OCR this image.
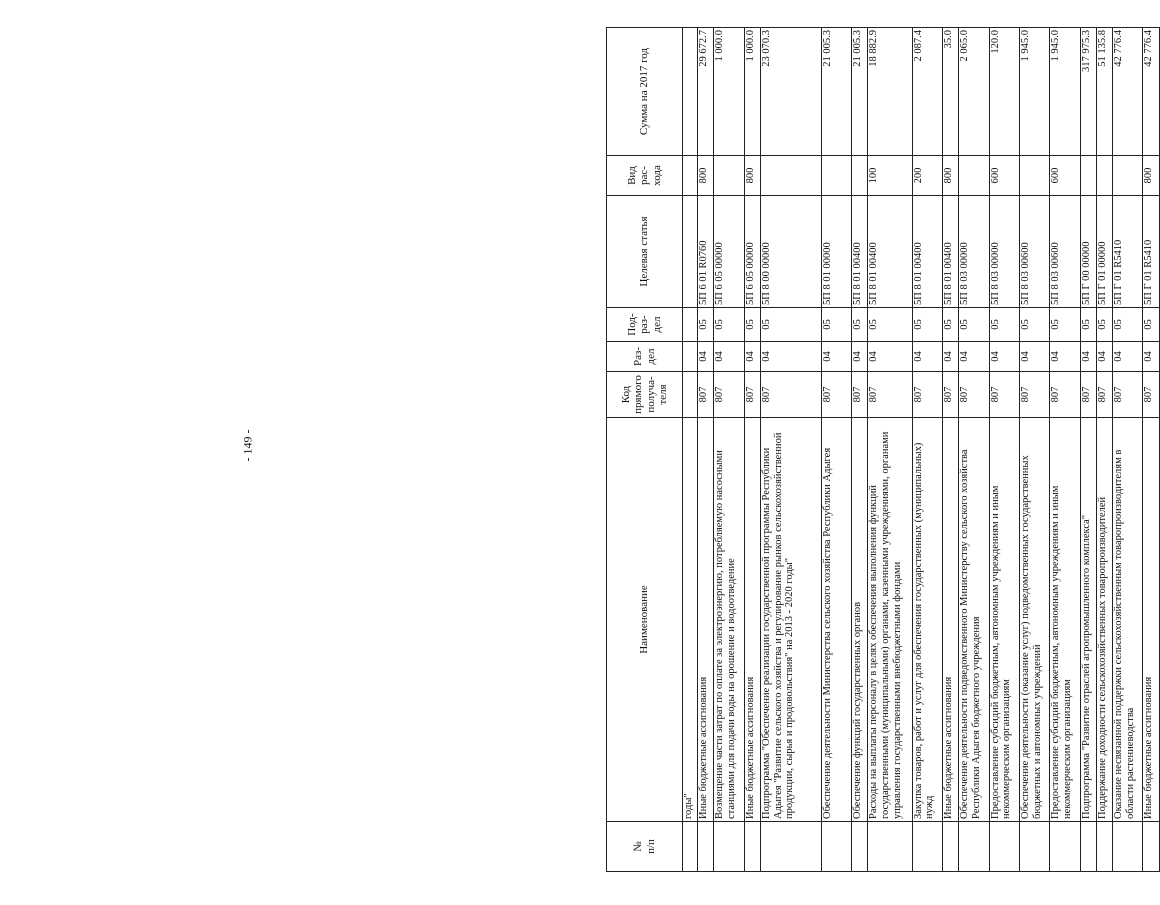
- 149 -
№
п/п	Наименование	Код прямого получа-теля	Раз-дел	Под-раз-дел	Целевая статья	Вид рас-хода	Сумма на 2017 год
	годы"						
	Иные бюджетные ассигнования	807	04	05	5П 6 01 R0760	800	29 672.7
	Возмещение части затрат по оплате за электроэнергию, потребляемую насосными станциями для подачи воды на орошение и водоотведение	807	04	05	5П 6 05 00000		1 000.0
	Иные бюджетные ассигнования	807	04	05	5П 6 05 00000	800	1 000.0
	Подпрограмма "Обеспечение реализации государственной программы Республики Адыгея "Развитие сельского хозяйства и регулирование рынков сельскохозяйственной продукции, сырья и продовольствия" на 2013 - 2020 годы"	807	04	05	5П 8 00 00000		23 070.3
	Обеспечение деятельности Министерства сельского хозяйства Республики Адыгея	807	04	05	5П 8 01 00000		21 005.3
	Обеспечение функций государственных органов	807	04	05	5П 8 01 00400		21 005.3
	Расходы на выплаты персоналу в целях обеспечения выполнения функций государственными (муниципальными) органами, казенными учреждениями, органами управления государственными внебюджетными фондами	807	04	05	5П 8 01 00400	100	18 882.9
	Закупка товаров, работ и услуг для обеспечения государственных (муниципальных) нужд	807	04	05	5П 8 01 00400	200	2 087.4
	Иные бюджетные ассигнования	807	04	05	5П 8 01 00400	800	35.0
	Обеспечение деятельности подведомственного Министерству сельского хозяйства Республики Адыгея бюджетного учреждения	807	04	05	5П 8 03 00000		2 065.0
	Предоставление субсидий бюджетным, автономным учреждениям и иным некоммерческим организациям	807	04	05	5П 8 03 00000	600	120.0
	Обеспечение деятельности (оказание услуг) подведомственных государственных бюджетных и автономных учреждений	807	04	05	5П 8 03 00600		1 945.0
	Предоставление субсидий бюджетным, автономным учреждениям и иным некоммерческим организациям	807	04	05	5П 8 03 00600	600	1 945.0
	Подпрограмма "Развитие отраслей агропромышленного комплекса"	807	04	05	5П Г 00 00000		317 975.3
	Поддержание доходности сельскохозяйственных товаропроизводителей	807	04	05	5П Г 01 00000		51 135.8
	Оказание несвязанной поддержки сельскохозяйственным товаропроизводителям в области растениеводства	807	04	05	5П Г 01 R5410		42 776.4
	Иные бюджетные ассигнования	807	04	05	5П Г 01 R5410	800	42 776.4
